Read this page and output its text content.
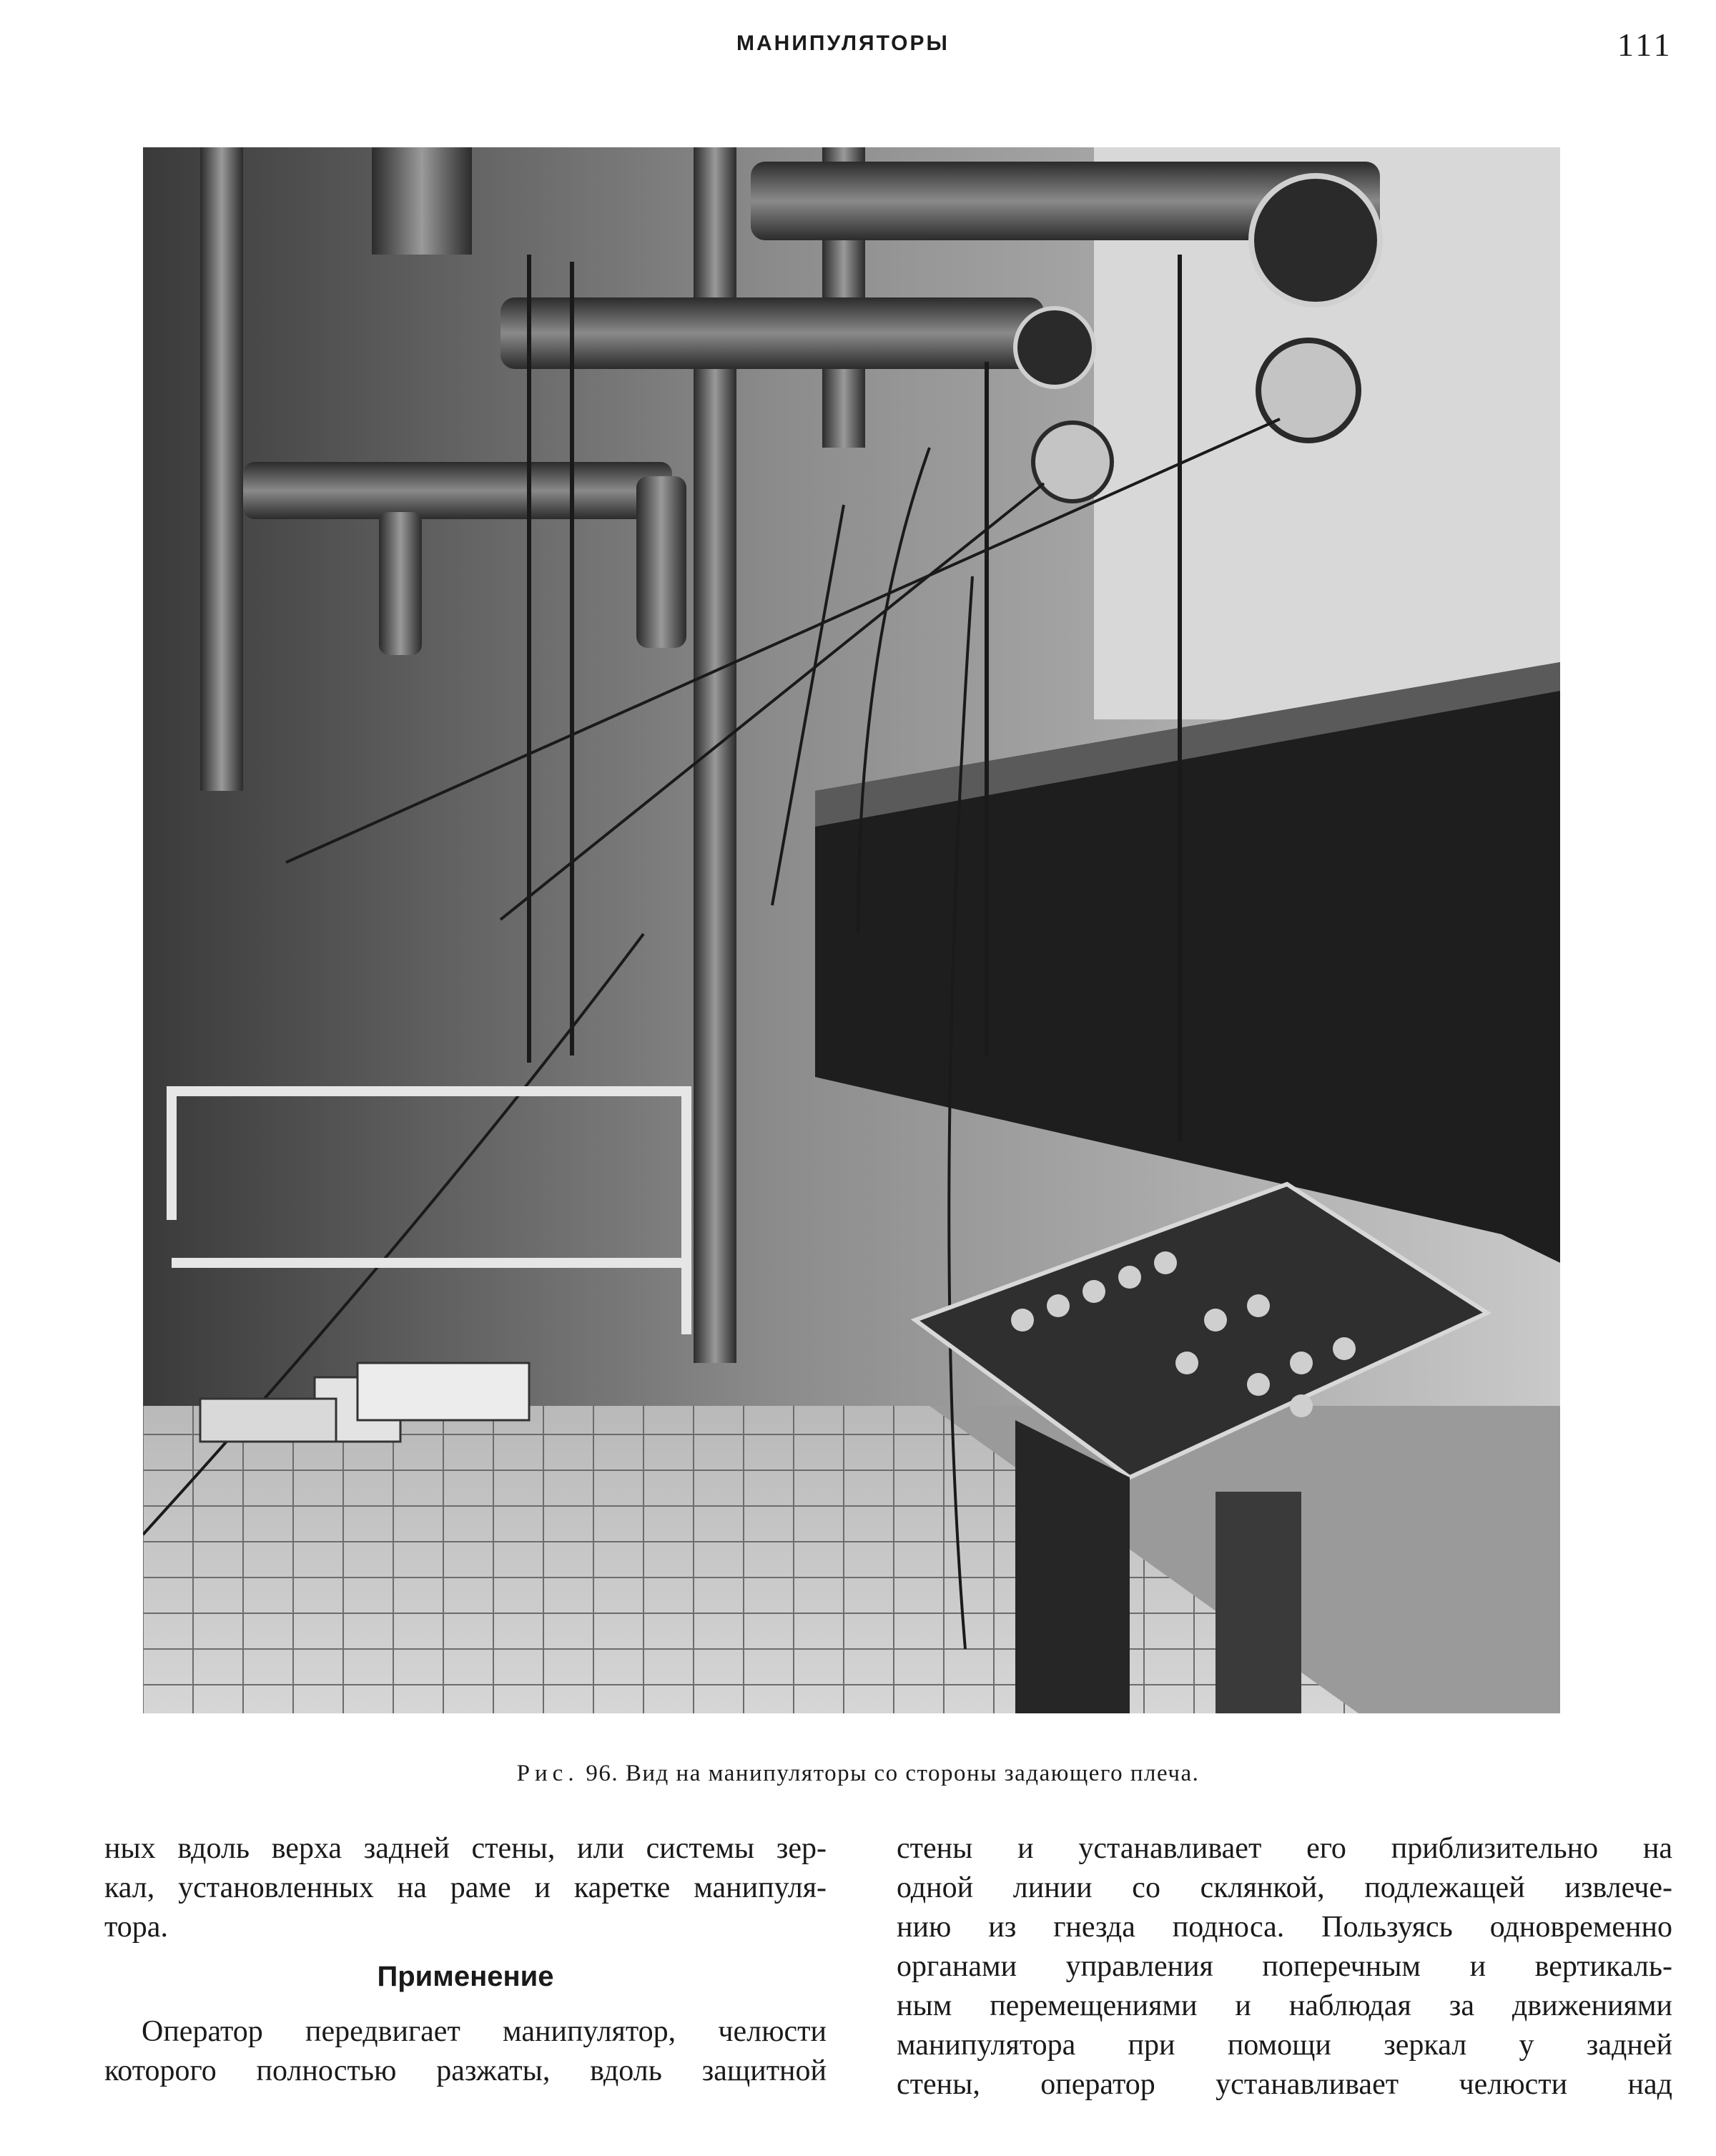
МАНИПУЛЯТОРЫ	111
Рис. 96. Вид на манипуляторы со стороны задающего плеча.
ных вдоль верха задней стены, или системы зер-
кал, установленных на раме и каретке манипуля-
тора.
Применение
Оператор передвигает манипулятор, челюсти
которого полностью разжаты, вдоль защитной
стены и устанавливает его приблизительно на
одной линии со склянкой, подлежащей извлече-
нию из гнезда подноса. Пользуясь одновременно
органами управления поперечным и вертикаль-
ным перемещениями и наблюдая за движениями
манипулятора при помощи зеркал у задней
стены, оператор устанавливает челюсти над
